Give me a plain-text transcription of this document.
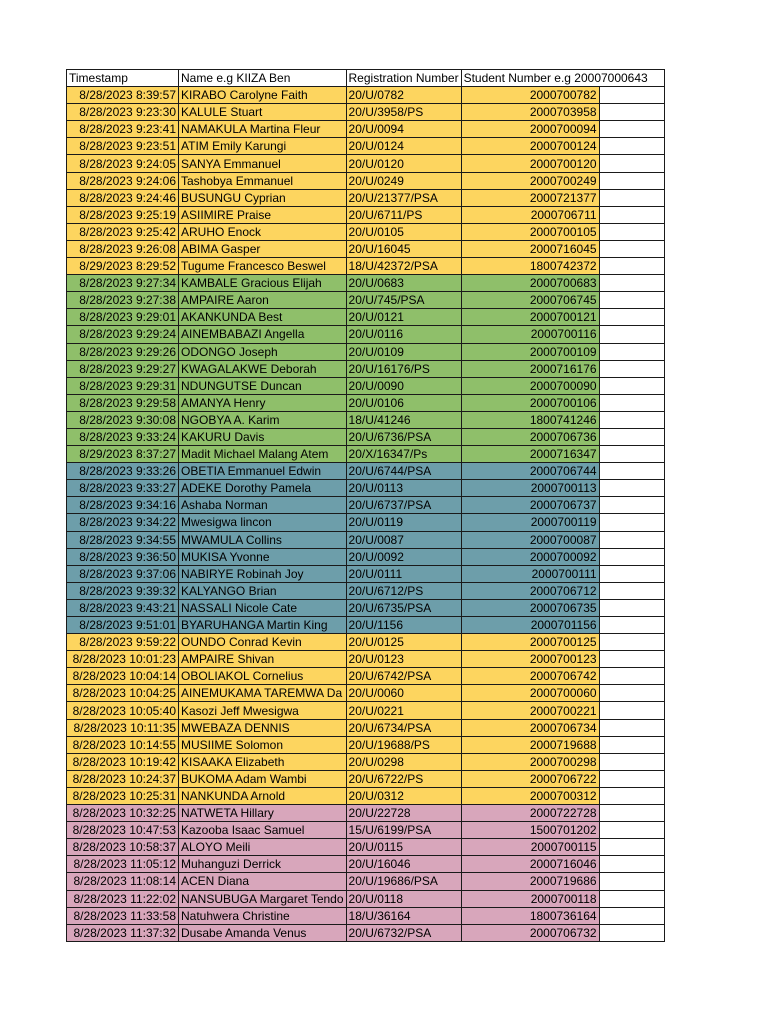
Timestamp	Name e.g KIIZA Ben	Registration Number	Student Number e.g 20007000643	
8/28/2023 8:39:57	KIRABO Carolyne Faith	20/U/0782	2000700782	
8/28/2023 9:23:30	KALULE Stuart	20/U/3958/PS	2000703958	
8/28/2023 9:23:41	NAMAKULA Martina Fleur	20/U/0094	2000700094	
8/28/2023 9:23:51	ATIM Emily Karungi	20/U/0124	2000700124	
8/28/2023 9:24:05	SANYA Emmanuel	20/U/0120	2000700120	
8/28/2023 9:24:06	Tashobya Emmanuel	20/U/0249	2000700249	
8/28/2023 9:24:46	BUSUNGU Cyprian	20/U/21377/PSA	2000721377	
8/28/2023 9:25:19	ASIIMIRE Praise	20/U/6711/PS	2000706711	
8/28/2023 9:25:42	ARUHO Enock	20/U/0105	2000700105	
8/28/2023 9:26:08	ABIMA Gasper	20/U/16045	2000716045	
8/29/2023 8:29:52	Tugume Francesco Beswel	18/U/42372/PSA	1800742372	
8/28/2023 9:27:34	KAMBALE Gracious Elijah	20/U/0683	2000700683	
8/28/2023 9:27:38	AMPAIRE Aaron	20/U/745/PSA	2000706745	
8/28/2023 9:29:01	AKANKUNDA Best	20/U/0121	2000700121	
8/28/2023 9:29:24	AINEMBABAZI Angella	20/U/0116	2000700116	
8/28/2023 9:29:26	ODONGO Joseph	20/U/0109	2000700109	
8/28/2023 9:29:27	KWAGALAKWE Deborah	20/U/16176/PS	2000716176	
8/28/2023 9:29:31	NDUNGUTSE Duncan	20/U/0090	2000700090	
8/28/2023 9:29:58	AMANYA Henry	20/U/0106	2000700106	
8/28/2023 9:30:08	NGOBYA A. Karim	18/U/41246	1800741246	
8/28/2023 9:33:24	KAKURU Davis	20/U/6736/PSA	2000706736	
8/29/2023 8:37:27	Madit Michael Malang Atem	20/X/16347/Ps	2000716347	
8/28/2023 9:33:26	OBETIA Emmanuel Edwin	20/U/6744/PSA	2000706744	
8/28/2023 9:33:27	ADEKE Dorothy Pamela	20/U/0113	2000700113	
8/28/2023 9:34:16	Ashaba Norman	20/U/6737/PSA	2000706737	
8/28/2023 9:34:22	Mwesigwa lincon	20/U/0119	2000700119	
8/28/2023 9:34:55	MWAMULA Collins	20/U/0087	2000700087	
8/28/2023 9:36:50	MUKISA Yvonne	20/U/0092	2000700092	
8/28/2023 9:37:06	NABIRYE Robinah Joy	20/U/0111	2000700111	
8/28/2023 9:39:32	KALYANGO Brian	20/U/6712/PS	2000706712	
8/28/2023 9:43:21	NASSALI Nicole Cate	20/U/6735/PSA	2000706735	
8/28/2023 9:51:01	BYARUHANGA Martin King	20/U/1156	2000701156	
8/28/2023 9:59:22	OUNDO Conrad Kevin	20/U/0125	2000700125	
8/28/2023 10:01:23	AMPAIRE Shivan	20/U/0123	2000700123	
8/28/2023 10:04:14	OBOLIAKOL Cornelius	20/U/6742/PSA	2000706742	
8/28/2023 10:04:25	AINEMUKAMA TAREMWA Da	20/U/0060	2000700060	
8/28/2023 10:05:40	Kasozi Jeff Mwesigwa	20/U/0221	2000700221	
8/28/2023 10:11:35	MWEBAZA DENNIS	20/U/6734/PSA	2000706734	
8/28/2023 10:14:55	MUSIIME Solomon	20/U/19688/PS	2000719688	
8/28/2023 10:19:42	KISAAKA Elizabeth	20/U/0298	2000700298	
8/28/2023 10:24:37	BUKOMA Adam Wambi	20/U/6722/PS	2000706722	
8/28/2023 10:25:31	NANKUNDA Arnold	20/U/0312	2000700312	
8/28/2023 10:32:25	NATWETA Hillary	20/U/22728	2000722728	
8/28/2023 10:47:53	Kazooba Isaac Samuel	15/U/6199/PSA	1500701202	
8/28/2023 10:58:37	ALOYO Meili	20/U/0115	2000700115	
8/28/2023 11:05:12	Muhanguzi Derrick	20/U/16046	2000716046	
8/28/2023 11:08:14	ACEN Diana	20/U/19686/PSA	2000719686	
8/28/2023 11:22:02	NANSUBUGA Margaret Tendo	20/U/0118	2000700118	
8/28/2023 11:33:58	Natuhwera Christine	18/U/36164	1800736164	
8/28/2023 11:37:32	Dusabe Amanda Venus	20/U/6732/PSA	2000706732	
